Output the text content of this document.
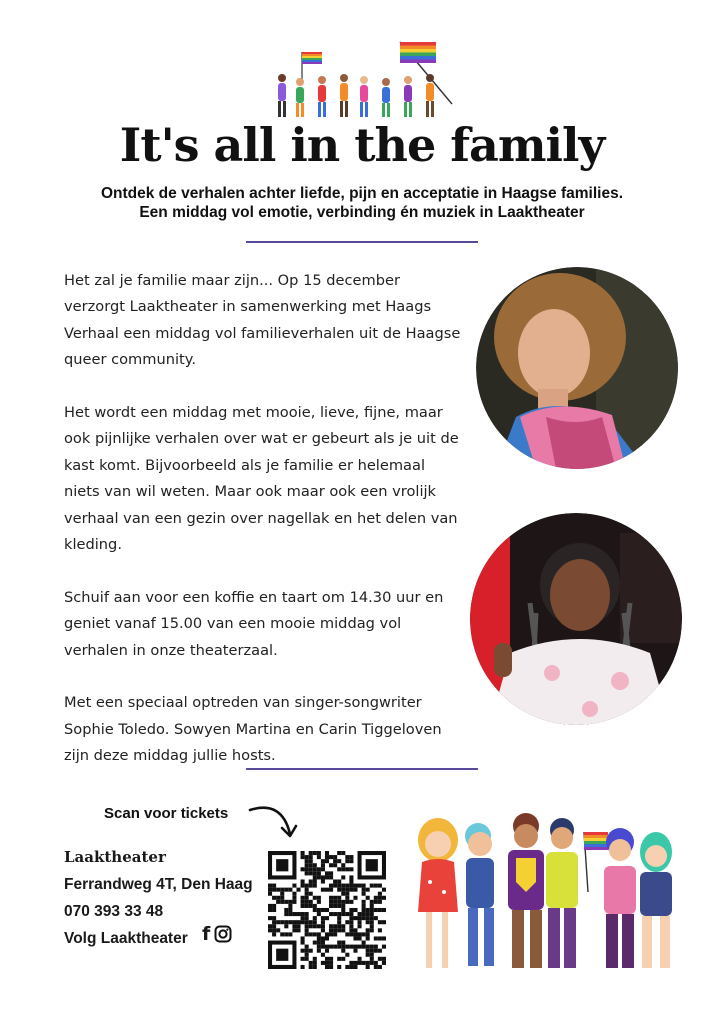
It's all in the family
Ontdek de verhalen achter liefde, pijn en acceptatie in Haagse families.
Een middag vol emotie, verbinding én muziek in Laaktheater

Het zal je familie maar zijn... Op 15 december verzorgt Laaktheater in samenwerking met Haags Verhaal een middag vol familieverhalen uit de Haagse queer community.

Het wordt een middag met mooie, lieve, fijne, maar ook pijnlijke verhalen over wat er gebeurt als je uit de kast komt. Bijvoorbeeld als je familie er helemaal niets van wil weten. Maar ook maar ook een vrolijk verhaal van een gezin over nagellak en het delen van kleding.

Schuif aan voor een koffie en taart om 14.30 uur en geniet vanaf 15.00 van een mooie middag vol verhalen in onze theaterzaal.

Met een speciaal optreden van singer-songwriter Sophie Toledo. Sowyen Martina en Carin Tiggeloven zijn deze middag jullie hosts.

Scan voor tickets
Laaktheater
Ferrandweg 4T, Den Haag
070 393 33 48
Volg Laaktheater f
